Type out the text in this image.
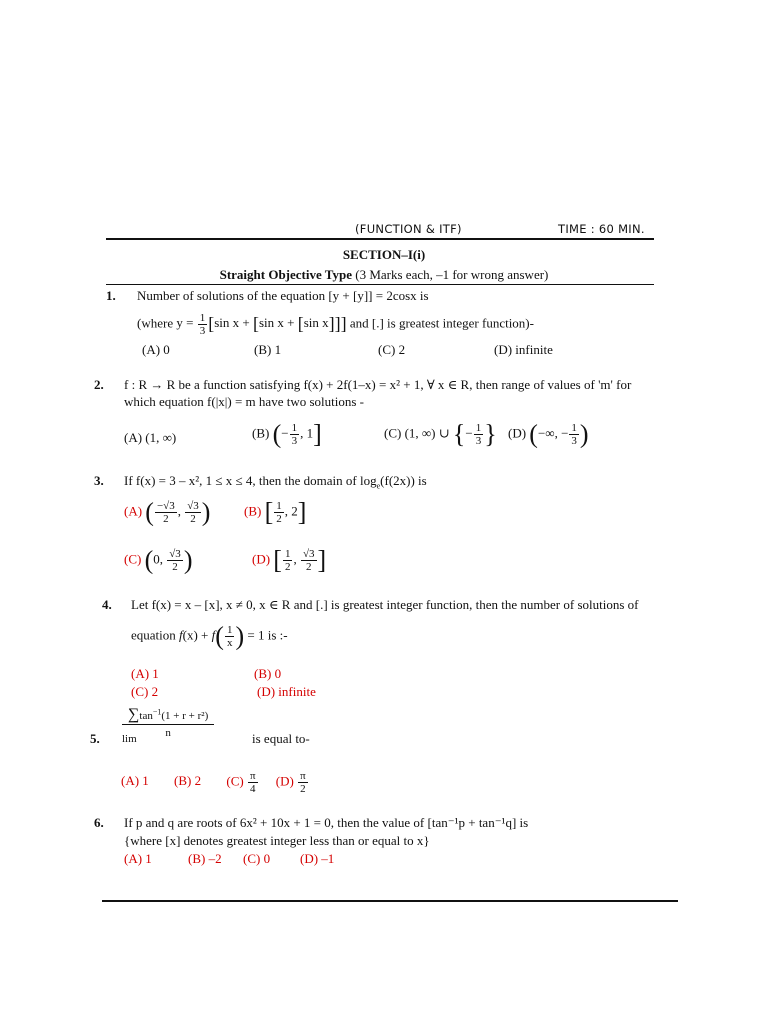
(FUNCTION & ITF)	TIME : 60 MIN.
SECTION–I(i)
Straight Objective Type (3 Marks each, –1 for wrong answer)
1. Number of solutions of the equation [y + [y]] = 2cosx is
(where $y = \frac{1}{3} [\sin$ x + [sin x + [sin x]]] and [.] is greatest integer function)-
(A) 0	(B) 1	(C) 2	(D) infinite
2. f : R → R be a function satisfying f(x) + 2f(1–x) = x² + 1, ∀ x ∈ R, then range of values of 'm' for
which equation f(|x|) = m have two solutions -
(A) (1, ∞)	(B) (− $\frac{1}{3}$ , 1]	(C) (1, ∞) ∪ {− $\frac{1}{3}$ } (D) (−∞, − $\frac{1}{3}$ )
3. If f(x) = 3 – x², 1 ≤ x ≤ 4, then the domain of $\log_e(f(2x))$ is
(A) ( $\frac{-√3}{2}$ , $\frac{√3}{2}$ )	(B) [ $\frac{1}{2}$ , 2]
(C) (0, $\frac{√3}{2}$ )	(D) [ $\frac{1}{2}$ , $\frac{√3}{2}$ ]
4. Let f(x) = x – [x], x ≠ 0, x ∈ R and [.] is greatest integer function, then the number of solutions of
equation $f(x) + f( \frac{1}{x}$ ) = 1 is :-
(A) 1	(B) 0
(C) 2	(D) infinite
5. $\frac{\sum\tan^{-1}(1 + r + r^2)}{n}$
lim	is equal to-
(A) 1 (B) 2 $(C) \frac{\pi}{4} (D) \frac{\pi}{2}$
6. If p and q are roots of 6x² + 10x + 1 = 0, then the value of [tan⁻¹p + tan⁻¹q] is
{where [x] denotes greatest integer less than or equal to x}
(A) 1	(B) –2 (C) 0 (D) –1
